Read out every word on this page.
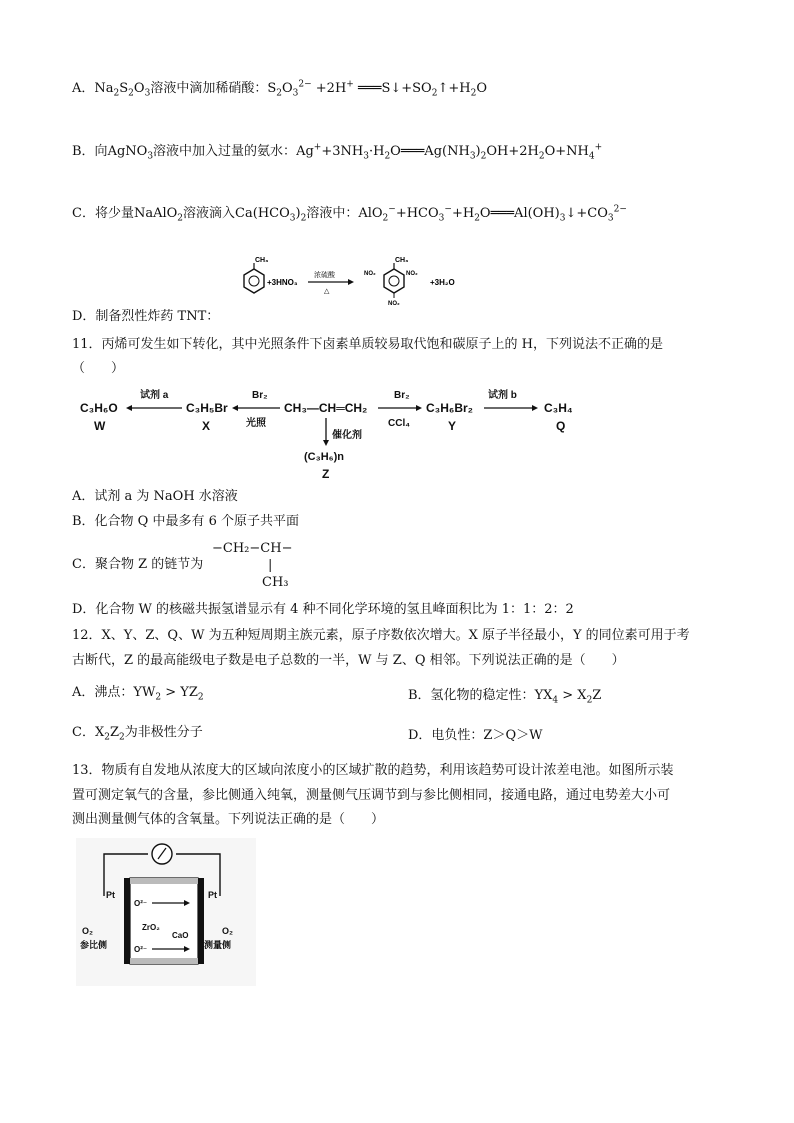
A．$Na_2S_2O_3$溶液中滴加稀硝酸：$S_2O_3^{2-} +2H^+$ $═══S↓+SO_2↑+H_2O$
B．向AgNO$_3$溶液中加入过量的氨水：$Ag^++3NH_3\cdot H_2O═══Ag(NH_3)_2OH+2H_2O+NH_4^+$
C．将少量NaAlO$_2$溶液滴入$Ca(HCO_3)_2$溶液中：$AlO_2^-+HCO_3^-+H_2O═══Al(OH)_3↓+CO_3^{2-}$
CH₃
+3HNO₃
浓硫酸
△
CH₃
NO₂	NO₂
NO₂
+3H₂O
D．制备烈性炸药 TNT：
11．丙烯可发生如下转化，其中光照条件下卤素单质较易取代饱和碳原子上的 H，下列说法不正确的是
（　　）
C₃H₆O
W
试剂 a
C₃H₅Br
X
Br₂
光照
CH₃—CH═CH₂
Br₂
CCl₄
C₃H₆Br₂
Y
试剂 b
C₃H₄
Q
催化剂
(C₃H₆)n
Z
A．试剂 a 为 NaOH 水溶液
B．化合物 Q 中最多有 6 个原子共平面
C．聚合物 Z 的链节为
−CH₂−CH−
|
CH₃
D．化合物 W 的核磁共振氢谱显示有 4 种不同化学环境的氢且峰面积比为 1：1：2：2
12．X、Y、Z、Q、W 为五种短周期主族元素，原子序数依次增大。X 原子半径最小，Y 的同位素可用于考
古断代，Z 的最高能级电子数是电子总数的一半，W 与 Z、Q 相邻。下列说法正确的是（　　）
A．沸点：$YW_2 > YZ_2$	B．氢化物的稳定性：$YX_4 > X_2Z$
C．$X_2Z_2$为非极性分子	D．电负性：Z＞Q＞W
13．物质有自发地从浓度大的区域向浓度小的区域扩散的趋势，利用该趋势可设计浓差电池。如图所示装
置可测定氧气的含量，参比侧通入纯氧，测量侧气压调节到与参比侧相同，接通电路，通过电势差大小可
测出测量侧气体的含氧量。下列说法正确的是（　　）
Pt	Pt
O²⁻
ZrO₂
CaO
O²⁻
O₂	O₂
参比侧	测量侧
